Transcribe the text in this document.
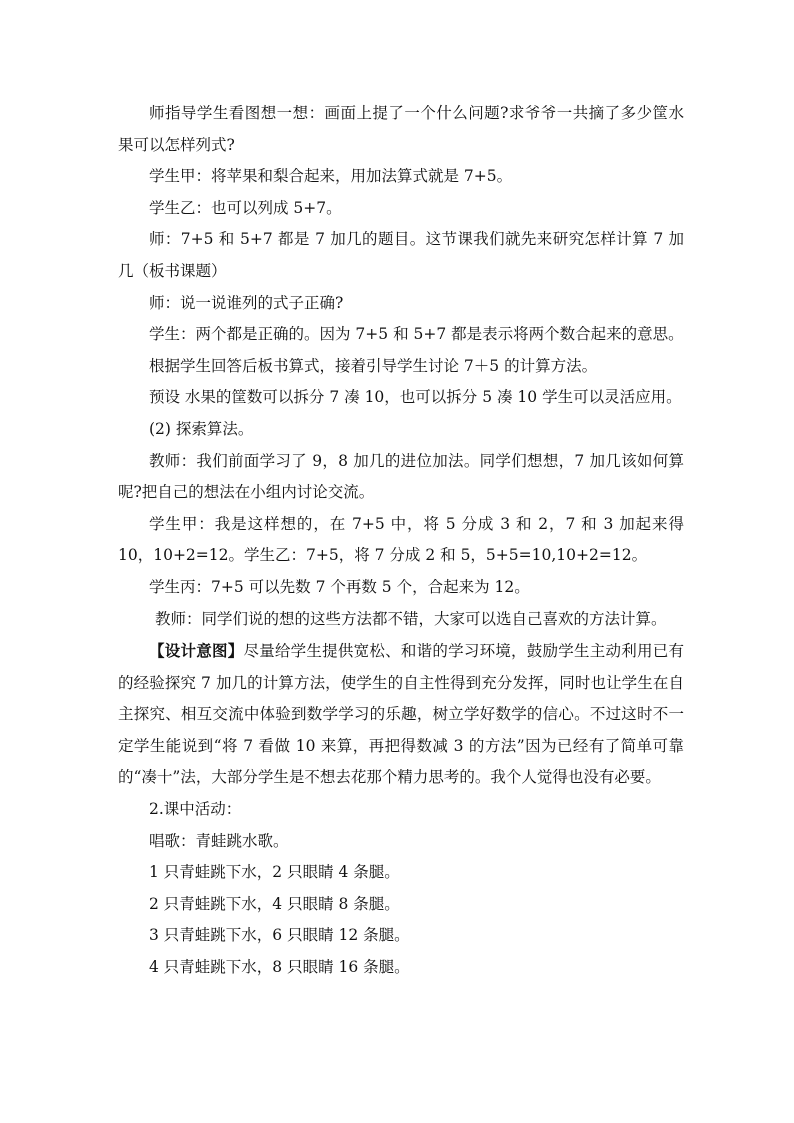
师指导学生看图想一想：画面上提了一个什么问题?求爷爷一共摘了多少筐水果可以怎样列式?

学生甲：将苹果和梨合起来，用加法算式就是 7+5。

学生乙：也可以列成 5+7。

师：7+5 和 5+7 都是 7 加几的题目。这节课我们就先来研究怎样计算 7 加几（板书课题）

师：说一说谁列的式子正确?

学生：两个都是正确的。因为 7+5 和 5+7 都是表示将两个数合起来的意思。

根据学生回答后板书算式，接着引导学生讨论 7＋5 的计算方法。

预设 水果的筐数可以拆分 7 凑 10，也可以拆分 5 凑 10 学生可以灵活应用。

(2) 探索算法。

教师：我们前面学习了 9，8 加几的进位加法。同学们想想，7 加几该如何算呢?把自己的想法在小组内讨论交流。

学生甲：我是这样想的，在 7+5 中，将 5 分成 3 和 2，7 和 3 加起来得 10，10+2=12。学生乙：7+5，将 7 分成 2 和 5，5+5=10,10+2=12。

学生丙：7+5 可以先数 7 个再数 5 个，合起来为 12。

教师：同学们说的想的这些方法都不错，大家可以选自己喜欢的方法计算。

【设计意图】尽量给学生提供宽松、和谐的学习环境，鼓励学生主动利用已有的经验探究 7 加几的计算方法，使学生的自主性得到充分发挥，同时也让学生在自主探究、相互交流中体验到数学学习的乐趣，树立学好数学的信心。不过这时不一定学生能说到“将 7 看做 10 来算，再把得数减 3 的方法”因为已经有了简单可靠的“凑十”法，大部分学生是不想去花那个精力思考的。我个人觉得也没有必要。

2.课中活动：

唱歌：青蛙跳水歌。

1 只青蛙跳下水，2 只眼睛 4 条腿。

2 只青蛙跳下水，4 只眼睛 8 条腿。

3 只青蛙跳下水，6 只眼睛 12 条腿。

4 只青蛙跳下水，8 只眼睛 16 条腿。
